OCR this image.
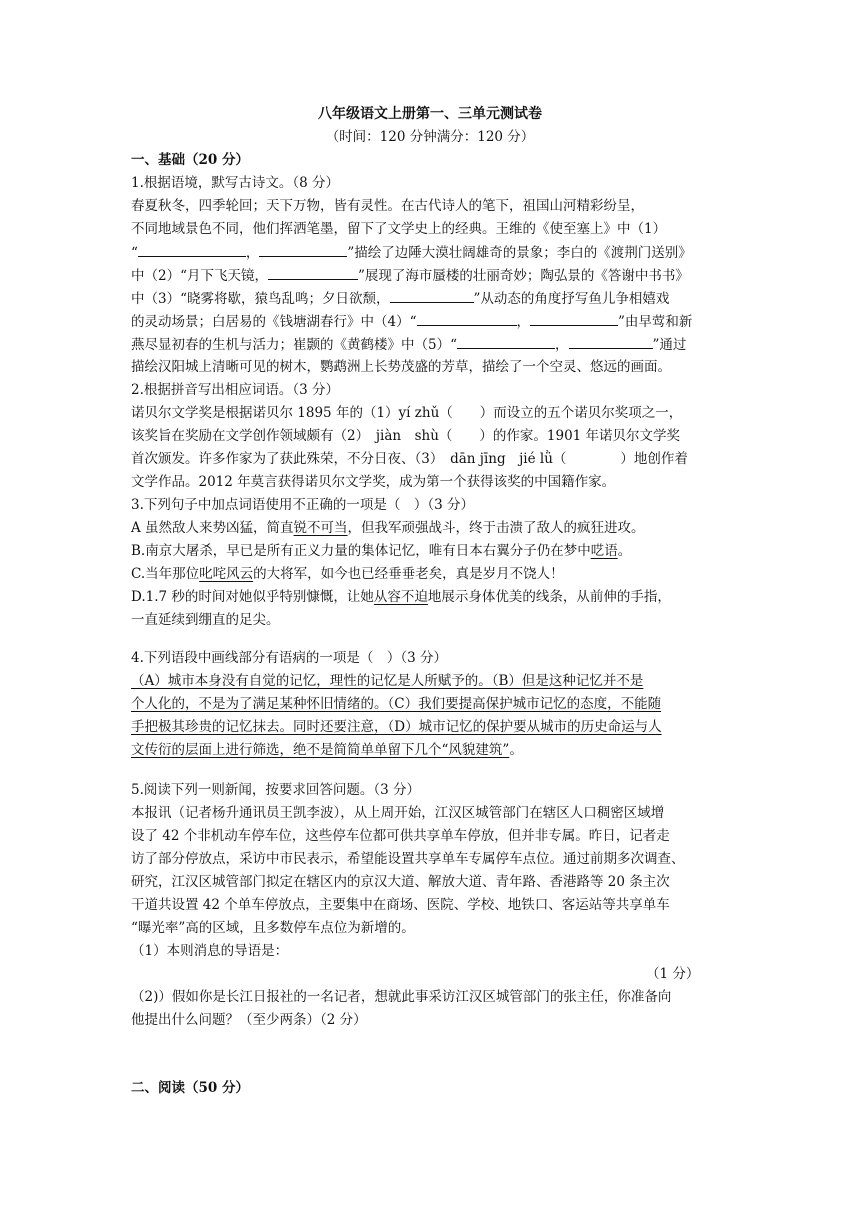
八年级语文上册第一、三单元测试卷
（时间：120 分钟满分：120 分）
一、基础（20 分）
1.根据语境，默写古诗文。（8 分）
春夏秋冬，四季轮回；天下万物，皆有灵性。在古代诗人的笔下，祖国山河精彩纷呈，
不同地域景色不同，他们挥洒笔墨，留下了文学史上的经典。王维的《使至塞上》中（1）
“	，	”描绘了边陲大漠壮阔雄奇的景象；李白的《渡荆门送别》
中（2）“月下飞天镜，	”展现了海市蜃楼的壮丽奇妙；陶弘景的《答谢中书书》
中（3）“晓雾将歇，猿鸟乱鸣；夕日欲颓，	”从动态的角度抒写鱼儿争相嬉戏
的灵动场景；白居易的《钱塘湖春行》中（4）“	，	”由早莺和新
燕尽显初春的生机与活力；崔颢的《黄鹤楼》中（5）“	，	”通过
描绘汉阳城上清晰可见的树木，鹦鹉洲上长势茂盛的芳草，描绘了一个空灵、悠远的画面。
2.根据拼音写出相应词语。（3 分）
诺贝尔文学奖是根据诺贝尔 1895 年的（1）yí zhǔ（　　）而设立的五个诺贝尔奖项之一，
该奖旨在奖励在文学创作领域颇有（2）　jiàn　shù（　　）的作家。1901 年诺贝尔文学奖
首次颁发。许多作家为了获此殊荣，不分日夜、（3）　dān jīng　jié lǜ（　　　　）地创作着
文学作品。2012 年莫言获得诺贝尔文学奖，成为第一个获得该奖的中国籍作家。
3.下列句子中加点词语使用不正确的一项是（　）（3 分）
A 虽然敌人来势凶猛，简直锐不可当，但我军顽强战斗，终于击溃了敌人的疯狂进攻。
B.南京大屠杀，早已是所有正义力量的集体记忆，唯有日本右翼分子仍在梦中呓语。
C.当年那位叱咤风云的大将军，如今也已经垂垂老矣，真是岁月不饶人！
D.1.7 秒的时间对她似乎特别慷慨，让她从容不迫地展示身体优美的线条，从前伸的手指，
一直延续到绷直的足尖。
4.下列语段中画线部分有语病的一项是（　）（3 分）
（A）城市本身没有自觉的记忆，理性的记忆是人所赋予的。（B）但是这种记忆并不是
个人化的，不是为了满足某种怀旧情绪的。（C）我们要提高保护城市记忆的态度，不能随
手把极其珍贵的记忆抹去。同时还要注意，（D）城市记忆的保护要从城市的历史命运与人
文传衍的层面上进行筛选，绝不是简简单单留下几个“风貌建筑”。
5.阅读下列一则新闻，按要求回答问题。（3 分）
本报讯（记者杨升通讯员王凯李波），从上周开始，江汉区城管部门在辖区人口稠密区域增
设了 42 个非机动车停车位，这些停车位都可供共享单车停放，但并非专属。昨日，记者走
访了部分停放点，采访中市民表示，希望能设置共享单车专属停车点位。通过前期多次调查、
研究，江汉区城管部门拟定在辖区内的京汉大道、解放大道、青年路、香港路等 20 条主次
干道共设置 42 个单车停放点，主要集中在商场、医院、学校、地铁口、客运站等共享单车
“曝光率”高的区域，且多数停车点位为新增的。
（1）本则消息的导语是：
（1 分）
（2)）假如你是长江日报社的一名记者，想就此事采访江汉区城管部门的张主任，你准备向
他提出什么问题？（至少两条）（2 分）
二、阅读（50 分）
